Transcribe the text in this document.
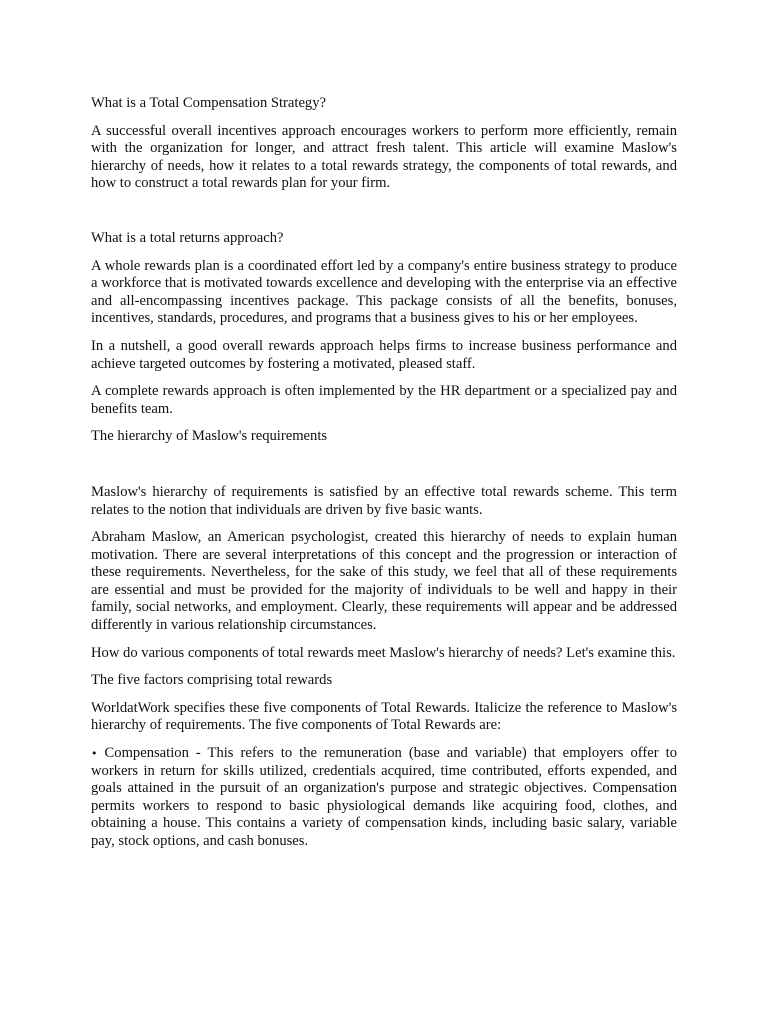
What is a Total Compensation Strategy?

A successful overall incentives approach encourages workers to perform more efficiently, remain with the organization for longer, and attract fresh talent. This article will examine Maslow's hierarchy of needs, how it relates to a total rewards strategy, the components of total rewards, and how to construct a total rewards plan for your firm.

What is a total returns approach?

A whole rewards plan is a coordinated effort led by a company's entire business strategy to produce a workforce that is motivated towards excellence and developing with the enterprise via an effective and all-encompassing incentives package. This package consists of all the benefits, bonuses, incentives, standards, procedures, and programs that a business gives to his or her employees.

In a nutshell, a good overall rewards approach helps firms to increase business performance and achieve targeted outcomes by fostering a motivated, pleased staff.

A complete rewards approach is often implemented by the HR department or a specialized pay and benefits team.

The hierarchy of Maslow's requirements

Maslow's hierarchy of requirements is satisfied by an effective total rewards scheme. This term relates to the notion that individuals are driven by five basic wants.

Abraham Maslow, an American psychologist, created this hierarchy of needs to explain human motivation. There are several interpretations of this concept and the progression or interaction of these requirements. Nevertheless, for the sake of this study, we feel that all of these requirements are essential and must be provided for the majority of individuals to be well and happy in their family, social networks, and employment. Clearly, these requirements will appear and be addressed differently in various relationship circumstances.

How do various components of total rewards meet Maslow's hierarchy of needs? Let's examine this.

The five factors comprising total rewards

WorldatWork specifies these five components of Total Rewards. Italicize the reference to Maslow's hierarchy of requirements. The five components of Total Rewards are:

• Compensation - This refers to the remuneration (base and variable) that employers offer to workers in return for skills utilized, credentials acquired, time contributed, efforts expended, and goals attained in the pursuit of an organization's purpose and strategic objectives. Compensation permits workers to respond to basic physiological demands like acquiring food, clothes, and obtaining a house. This contains a variety of compensation kinds, including basic salary, variable pay, stock options, and cash bonuses.
